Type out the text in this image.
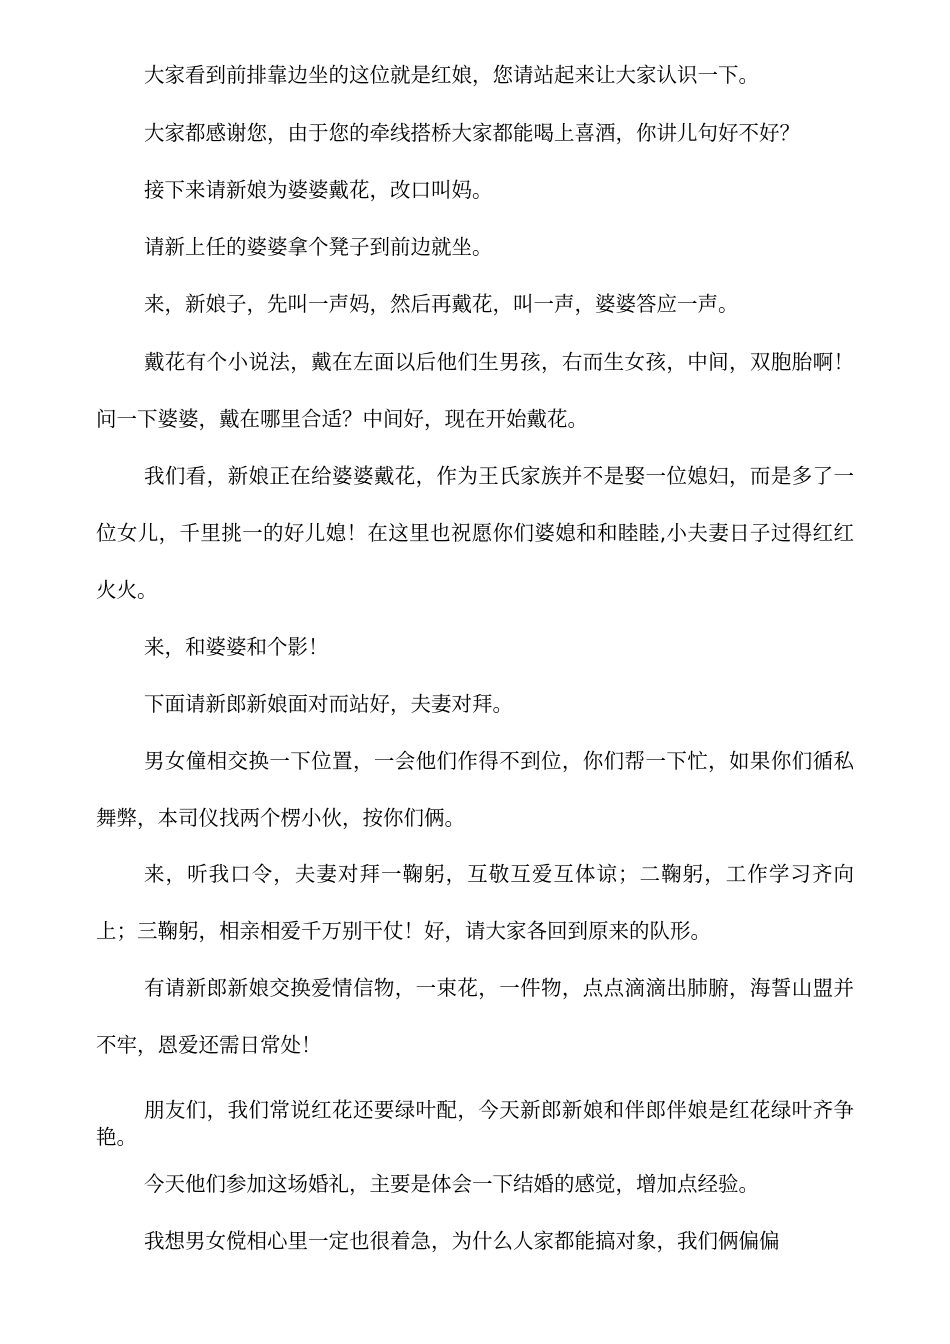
大家看到前排靠边坐的这位就是红娘，您请站起来让大家认识一下。

大家都感谢您，由于您的牵线搭桥大家都能喝上喜酒，你讲儿句好不好？

接下来请新娘为婆婆戴花，改口叫妈。

请新上任的婆婆拿个凳子到前边就坐。

来，新娘子，先叫一声妈，然后再戴花，叫一声，婆婆答应一声。

戴花有个小说法，戴在左面以后他们生男孩，右而生女孩，中间，双胞胎啊！问一下婆婆，戴在哪里合适？中间好，现在开始戴花。

我们看，新娘正在给婆婆戴花，作为王氏家族并不是娶一位媳妇，而是多了一位女儿，千里挑一的好儿媳！在这里也祝愿你们婆媳和和睦睦,小夫妻日子过得红红火火。

来，和婆婆和个影！

下面请新郎新娘面对而站好，夫妻对拜。

男女僮相交换一下位置，一会他们作得不到位，你们帮一下忙，如果你们循私舞弊，本司仪找两个楞小伙，按你们俩。

来，听我口令，夫妻对拜一鞠躬，互敬互爱互体谅；二鞠躬，工作学习齐向上；三鞠躬，相亲相爱千万别干仗！好，请大家各回到原来的队形。

有请新郎新娘交换爱情信物，一束花，一件物，点点滴滴出肺腑，海誓山盟并不牢，恩爱还需日常处！

朋友们，我们常说红花还要绿叶配，今天新郎新娘和伴郎伴娘是红花绿叶齐争艳。

今天他们参加这场婚礼，主要是体会一下结婚的感觉，增加点经验。

我想男女傥相心里一定也很着急，为什么人家都能搞对象，我们俩偏偏
